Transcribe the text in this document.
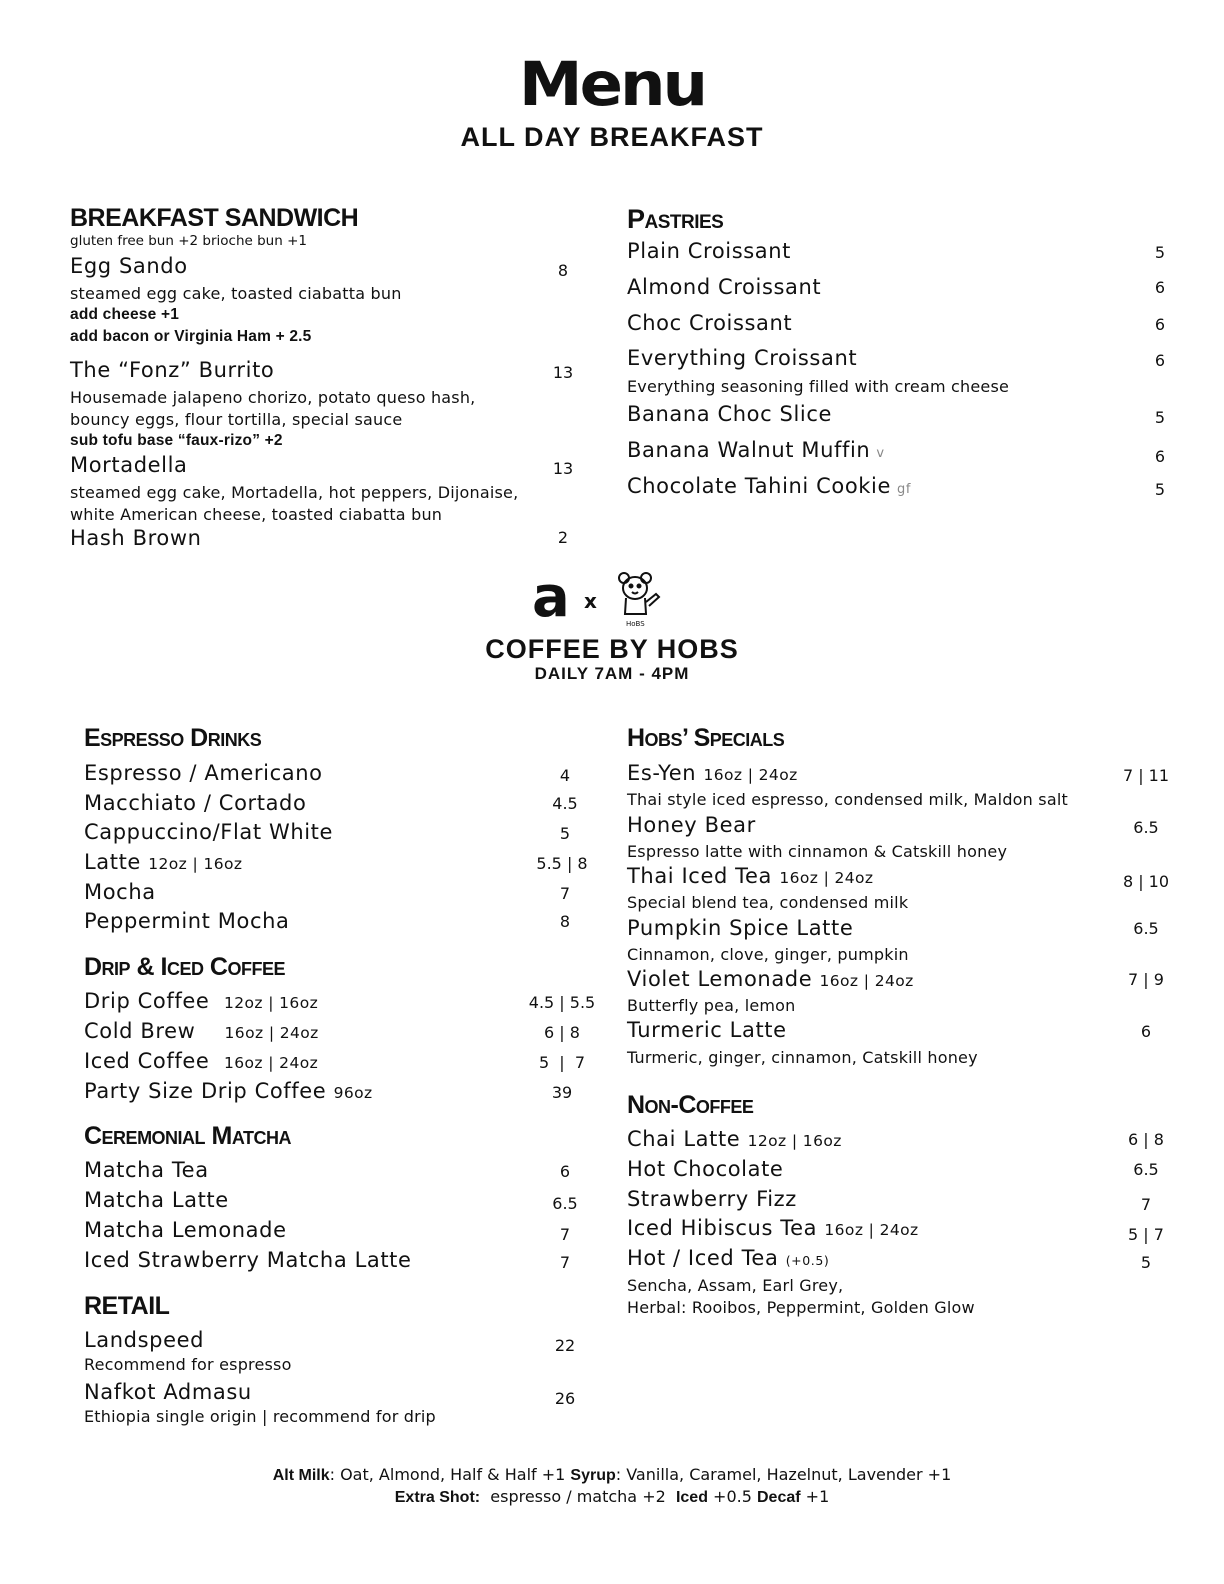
Menu
ALL DAY BREAKFAST
BREAKFAST SANDWICH
gluten free bun +2 brioche bun +1
Egg Sando	8
steamed egg cake, toasted ciabatta bun
add cheese +1
add bacon or Virginia Ham + 2.5
The “Fonz” Burrito	13
Housemade jalapeno chorizo, potato queso hash,
bouncy eggs, flour tortilla, special sauce
sub tofu base “faux-rizo” +2
Mortadella	13
steamed egg cake, Mortadella, hot peppers, Dijonaise,
white American cheese, toasted ciabatta bun
Hash Brown	2
Pastries
Plain Croissant	5
Almond Croissant	6
Choc Croissant	6
Everything Croissant	6
Everything seasoning filled with cream cheese
Banana Choc Slice	5
Banana Walnut Muffin v	6
Chocolate Tahini Cookie gf	5
a x
HoBS
COFFEE BY HOBS
DAILY 7AM - 4PM
Espresso Drinks
Espresso / Americano	4
Macchiato / Cortado	4.5
Cappuccino/Flat White	5
Latte 12oz | 16oz	5.5 | 8
Mocha	7
Peppermint Mocha	8
Drip & Iced Coffee
Drip Coffee 12oz | 16oz	4.5 | 5.5
Cold Brew 16oz | 24oz	6 | 8
Iced Coffee 16oz | 24oz	5  |  7
Party Size Drip Coffee 96oz	39
Ceremonial Matcha
Matcha Tea	6
Matcha Latte	6.5
Matcha Lemonade	7
Iced Strawberry Matcha Latte	7
RETAIL
Landspeed	22
Recommend for espresso
Nafkot Admasu	26
Ethiopia single origin | recommend for drip
Hobs’ Specials
Es-Yen 16oz | 24oz	7 | 11
Thai style iced espresso, condensed milk, Maldon salt
Honey Bear	6.5
Espresso latte with cinnamon & Catskill honey
Thai Iced Tea 16oz | 24oz	8 | 10
Special blend tea, condensed milk
Pumpkin Spice Latte	6.5
Cinnamon, clove, ginger, pumpkin
Violet Lemonade 16oz | 24oz	7 | 9
Butterfly pea, lemon
Turmeric Latte	6
Turmeric, ginger, cinnamon, Catskill honey
Non-Coffee
Chai Latte 12oz | 16oz	6 | 8
Hot Chocolate	6.5
Strawberry Fizz	7
Iced Hibiscus Tea 16oz | 24oz	5 | 7
Hot / Iced Tea (+0.5)	5
Sencha, Assam, Earl Grey,
Herbal: Rooibos, Peppermint, Golden Glow
Alt Milk: Oat, Almond, Half & Half +1 Syrup: Vanilla, Caramel, Hazelnut, Lavender +1
Extra Shot:  espresso / matcha +2  Iced +0.5 Decaf +1
